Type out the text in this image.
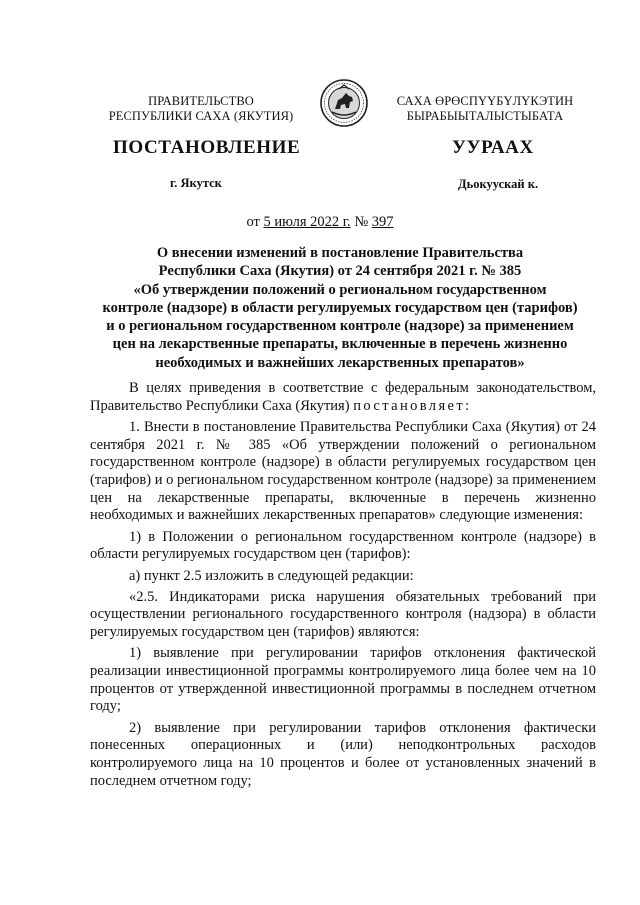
ПРАВИТЕЛЬСТВО
РЕСПУБЛИКИ САХА (ЯКУТИЯ)
САХА ӨРӨСПҮҮБҮЛҮКЭТИН
БЫРАБЫЫТАЛЫСТЫБАТА
ПОСТАНОВЛЕНИЕ	УУРААХ
г. Якутск	Дьокуускай к.
от 5 июля 2022 г. № 397
О внесении изменений в постановление Правительства
Республики Саха (Якутия) от 24 сентября 2021 г. № 385
«Об утверждении положений о региональном государственном
контроле (надзоре) в области регулируемых государством цен (тарифов)
и о региональном государственном контроле (надзоре) за применением
цен на лекарственные препараты, включенные в перечень жизненно
необходимых и важнейших лекарственных препаратов»

В целях приведения в соответствие с федеральным законодательством, Правительство Республики Саха (Якутия) постановляет:

1. Внести в постановление Правительства Республики Саха (Якутия) от 24 сентября 2021 г. № 385 «Об утверждении положений о региональном государственном контроле (надзоре) в области регулируемых государством цен (тарифов) и о региональном государственном контроле (надзоре) за применением цен на лекарственные препараты, включенные в перечень жизненно необходимых и важнейших лекарственных препаратов» следующие изменения:

1) в Положении о региональном государственном контроле (надзоре) в области регулируемых государством цен (тарифов):

а) пункт 2.5 изложить в следующей редакции:

«2.5. Индикаторами риска нарушения обязательных требований при осуществлении регионального государственного контроля (надзора) в области регулируемых государством цен (тарифов) являются:

1) выявление при регулировании тарифов отклонения фактической реализации инвестиционной программы контролируемого лица более чем на 10 процентов от утвержденной инвестиционной программы в последнем отчетном году;

2) выявление при регулировании тарифов отклонения фактически понесенных операционных и (или) неподконтрольных расходов контролируемого лица на 10 процентов и более от установленных значений в последнем отчетном году;
